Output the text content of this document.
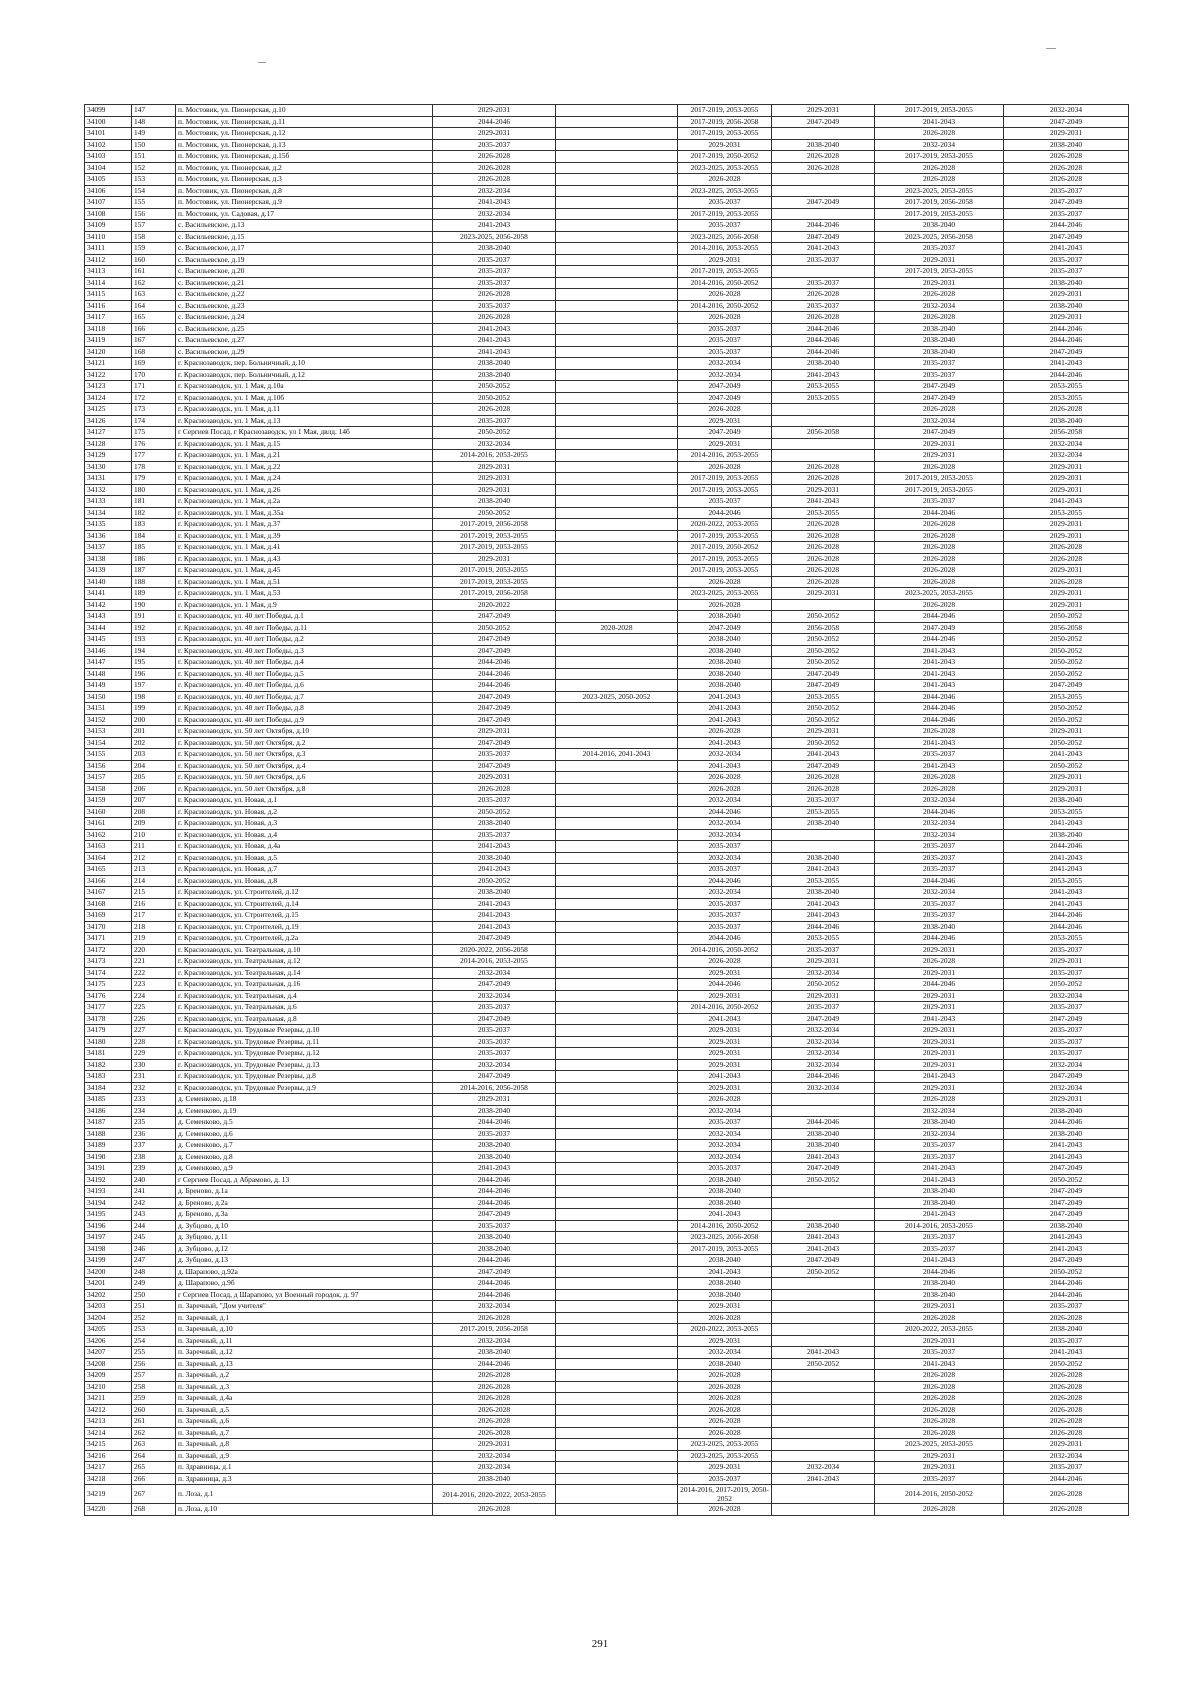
34099	147	п. Мостовик, ул. Пионерская, д.10	2029-2031		2017-2019, 2053-2055	2029-2031	2017-2019, 2053-2055	2032-2034
34100	148	п. Мостовик, ул. Пионерская, д.11	2044-2046		2017-2019, 2056-2058	2047-2049	2041-2043	2047-2049
34101	149	п. Мостовик, ул. Пионерская, д.12	2029-2031		2017-2019, 2053-2055		2026-2028	2029-2031
34102	150	п. Мостовик, ул. Пионерская, д.13	2035-2037		2029-2031	2038-2040	2032-2034	2038-2040
34103	151	п. Мостовик, ул. Пионерская, д.15б	2026-2028		2017-2019, 2050-2052	2026-2028	2017-2019, 2053-2055	2026-2028
34104	152	п. Мостовик, ул. Пионерская, д.2	2026-2028		2023-2025, 2053-2055	2026-2028	2026-2028	2026-2028
34105	153	п. Мостовик, ул. Пионерская, д.3	2026-2028		2026-2028		2026-2028	2026-2028
34106	154	п. Мостовик, ул. Пионерская, д.8	2032-2034		2023-2025, 2053-2055		2023-2025, 2053-2055	2035-2037
34107	155	п. Мостовик, ул. Пионерская, д.9	2041-2043		2035-2037	2047-2049	2017-2019, 2056-2058	2047-2049
34108	156	п. Мостовик, ул. Садовая, д.17	2032-2034		2017-2019, 2053-2055		2017-2019, 2053-2055	2035-2037
34109	157	с. Васильевское, д.13	2041-2043		2035-2037	2044-2046	2038-2040	2044-2046
34110	158	с. Васильевское, д.15	2023-2025, 2056-2058		2023-2025, 2056-2058	2047-2049	2023-2025, 2056-2058	2047-2049
34111	159	с. Васильевское, д.17	2038-2040		2014-2016, 2053-2055	2041-2043	2035-2037	2041-2043
34112	160	с. Васильевское, д.19	2035-2037		2029-2031	2035-2037	2029-2031	2035-2037
34113	161	с. Васильевское, д.20	2035-2037		2017-2019, 2053-2055		2017-2019, 2053-2055	2035-2037
34114	162	с. Васильевское, д.21	2035-2037		2014-2016, 2050-2052	2035-2037	2029-2031	2038-2040
34115	163	с. Васильевское, д.22	2026-2028		2026-2028	2026-2028	2026-2028	2029-2031
34116	164	с. Васильевское, д.23	2035-2037		2014-2016, 2050-2052	2035-2037	2032-2034	2038-2040
34117	165	с. Васильевское, д.24	2026-2028		2026-2028	2026-2028	2026-2028	2029-2031
34118	166	с. Васильевское, д.25	2041-2043		2035-2037	2044-2046	2038-2040	2044-2046
34119	167	с. Васильевское, д.27	2041-2043		2035-2037	2044-2046	2038-2040	2044-2046
34120	168	с. Васильевское, д.29	2041-2043		2035-2037	2044-2046	2038-2040	2047-2049
34121	169	г. Краснозаводск, пер. Больничный, д.10	2038-2040		2032-2034	2038-2040	2035-2037	2041-2043
34122	170	г. Краснозаводск, пер. Больничный, д.12	2038-2040		2032-2034	2041-2043	2035-2037	2044-2046
34123	171	г. Краснозаводск, ул. 1 Мая, д.10а	2050-2052		2047-2049	2053-2055	2047-2049	2053-2055
34124	172	г. Краснозаводск, ул. 1 Мая, д.10б	2050-2052		2047-2049	2053-2055	2047-2049	2053-2055
34125	173	г. Краснозаводск, ул. 1 Мая, д.11	2026-2028		2026-2028		2026-2028	2026-2028
34126	174	г. Краснозаводск, ул. 1 Мая, д.13	2035-2037		2029-2031		2032-2034	2038-2040
34127	175	г Сергиев Посад, г Краснозаводск, ул 1 Мая, двлд. 14б	2050-2052		2047-2049	2056-2058	2047-2049	2056-2058
34128	176	г. Краснозаводск, ул. 1 Мая, д.15	2032-2034		2029-2031		2029-2031	2032-2034
34129	177	г. Краснозаводск, ул. 1 Мая, д.21	2014-2016, 2053-2055		2014-2016, 2053-2055		2029-2031	2032-2034
34130	178	г. Краснозаводск, ул. 1 Мая, д.22	2029-2031		2026-2028	2026-2028	2026-2028	2029-2031
34131	179	г. Краснозаводск, ул. 1 Мая, д.24	2029-2031		2017-2019, 2053-2055	2026-2028	2017-2019, 2053-2055	2029-2031
34132	180	г. Краснозаводск, ул. 1 Мая, д.26	2029-2031		2017-2019, 2053-2055	2029-2031	2017-2019, 2053-2055	2029-2031
34133	181	г. Краснозаводск, ул. 1 Мая, д.2а	2038-2040		2035-2037	2041-2043	2035-2037	2041-2043
34134	182	г. Краснозаводск, ул. 1 Мая, д.35а	2050-2052		2044-2046	2053-2055	2044-2046	2053-2055
34135	183	г. Краснозаводск, ул. 1 Мая, д.37	2017-2019, 2056-2058		2020-2022, 2053-2055	2026-2028	2026-2028	2029-2031
34136	184	г. Краснозаводск, ул. 1 Мая, д.39	2017-2019, 2053-2055		2017-2019, 2053-2055	2026-2028	2026-2028	2029-2031
34137	185	г. Краснозаводск, ул. 1 Мая, д.41	2017-2019, 2053-2055		2017-2019, 2050-2052	2026-2028	2026-2028	2026-2028
34138	186	г. Краснозаводск, ул. 1 Мая, д.43	2029-2031		2017-2019, 2053-2055	2026-2028	2026-2028	2026-2028
34139	187	г. Краснозаводск, ул. 1 Мая, д.45	2017-2019, 2053-2055		2017-2019, 2053-2055	2026-2028	2026-2028	2029-2031
34140	188	г. Краснозаводск, ул. 1 Мая, д.51	2017-2019, 2053-2055		2026-2028	2026-2028	2026-2028	2026-2028
34141	189	г. Краснозаводск, ул. 1 Мая, д.53	2017-2019, 2056-2058		2023-2025, 2053-2055	2029-2031	2023-2025, 2053-2055	2029-2031
34142	190	г. Краснозаводск, ул. 1 Мая, д.9	2020-2022		2026-2028		2026-2028	2029-2031
34143	191	г. Краснозаводск, ул. 40 лет Победы, д.1	2047-2049		2038-2040	2050-2052	2044-2046	2050-2052
34144	192	г. Краснозаводск, ул. 40 лет Победы, д.11	2050-2052	2020-2028	2047-2049	2056-2058	2047-2049	2056-2058
34145	193	г. Краснозаводск, ул. 40 лет Победы, д.2	2047-2049		2038-2040	2050-2052	2044-2046	2050-2052
34146	194	г. Краснозаводск, ул. 40 лет Победы, д.3	2047-2049		2038-2040	2050-2052	2041-2043	2050-2052
34147	195	г. Краснозаводск, ул. 40 лет Победы, д.4	2044-2046		2038-2040	2050-2052	2041-2043	2050-2052
34148	196	г. Краснозаводск, ул. 40 лет Победы, д.5	2044-2046		2038-2040	2047-2049	2041-2043	2050-2052
34149	197	г. Краснозаводск, ул. 40 лет Победы, д.6	2044-2046		2038-2040	2047-2049	2041-2043	2047-2049
34150	198	г. Краснозаводск, ул. 40 лет Победы, д.7	2047-2049	2023-2025, 2050-2052	2041-2043	2053-2055	2044-2046	2053-2055
34151	199	г. Краснозаводск, ул. 40 лет Победы, д.8	2047-2049		2041-2043	2050-2052	2044-2046	2050-2052
34152	200	г. Краснозаводск, ул. 40 лет Победы, д.9	2047-2049		2041-2043	2050-2052	2044-2046	2050-2052
34153	201	г. Краснозаводск, ул. 50 лет Октября, д.10	2029-2031		2026-2028	2029-2031	2026-2028	2029-2031
34154	202	г. Краснозаводск, ул. 50 лет Октября, д.2	2047-2049		2041-2043	2050-2052	2041-2043	2050-2052
34155	203	г. Краснозаводск, ул. 50 лет Октября, д.3	2035-2037	2014-2016, 2041-2043	2032-2034	2041-2043	2035-2037	2041-2043
34156	204	г. Краснозаводск, ул. 50 лет Октября, д.4	2047-2049		2041-2043	2047-2049	2041-2043	2050-2052
34157	205	г. Краснозаводск, ул. 50 лет Октября, д.6	2029-2031		2026-2028	2026-2028	2026-2028	2029-2031
34158	206	г. Краснозаводск, ул. 50 лет Октября, д.8	2026-2028		2026-2028	2026-2028	2026-2028	2029-2031
34159	207	г. Краснозаводск, ул. Новая, д.1	2035-2037		2032-2034	2035-2037	2032-2034	2038-2040
34160	208	г. Краснозаводск, ул. Новая, д.2	2050-2052		2044-2046	2053-2055	2044-2046	2053-2055
34161	209	г. Краснозаводск, ул. Новая, д.3	2038-2040		2032-2034	2038-2040	2032-2034	2041-2043
34162	210	г. Краснозаводск, ул. Новая, д.4	2035-2037		2032-2034		2032-2034	2038-2040
34163	211	г. Краснозаводск, ул. Новая, д.4а	2041-2043		2035-2037		2035-2037	2044-2046
34164	212	г. Краснозаводск, ул. Новая, д.5	2038-2040		2032-2034	2038-2040	2035-2037	2041-2043
34165	213	г. Краснозаводск, ул. Новая, д.7	2041-2043		2035-2037	2041-2043	2035-2037	2041-2043
34166	214	г. Краснозаводск, ул. Новая, д.8	2050-2052		2044-2046	2053-2055	2044-2046	2053-2055
34167	215	г. Краснозаводск, ул. Строителей, д.12	2038-2040		2032-2034	2038-2040	2032-2034	2041-2043
34168	216	г. Краснозаводск, ул. Строителей, д.14	2041-2043		2035-2037	2041-2043	2035-2037	2041-2043
34169	217	г. Краснозаводск, ул. Строителей, д.15	2041-2043		2035-2037	2041-2043	2035-2037	2044-2046
34170	218	г. Краснозаводск, ул. Строителей, д.19	2041-2043		2035-2037	2044-2046	2038-2040	2044-2046
34171	219	г. Краснозаводск, ул. Строителей, д.2а	2047-2049		2044-2046	2053-2055	2044-2046	2053-2055
34172	220	г. Краснозаводск, ул. Театральная, д.10	2020-2022, 2056-2058		2014-2016, 2050-2052	2035-2037	2029-2031	2035-2037
34173	221	г. Краснозаводск, ул. Театральная, д.12	2014-2016, 2053-2055		2026-2028	2029-2031	2026-2028	2029-2031
34174	222	г. Краснозаводск, ул. Театральная, д.14	2032-2034		2029-2031	2032-2034	2029-2031	2035-2037
34175	223	г. Краснозаводск, ул. Театральная, д.16	2047-2049		2044-2046	2050-2052	2044-2046	2050-2052
34176	224	г. Краснозаводск, ул. Театральная, д.4	2032-2034		2029-2031	2029-2031	2029-2031	2032-2034
34177	225	г. Краснозаводск, ул. Театральная, д.6	2035-2037		2014-2016, 2050-2052	2035-2037	2029-2031	2035-2037
34178	226	г. Краснозаводск, ул. Театральная, д.8	2047-2049		2041-2043	2047-2049	2041-2043	2047-2049
34179	227	г. Краснозаводск, ул. Трудовые Резервы, д.10	2035-2037		2029-2031	2032-2034	2029-2031	2035-2037
34180	228	г. Краснозаводск, ул. Трудовые Резервы, д.11	2035-2037		2029-2031	2032-2034	2029-2031	2035-2037
34181	229	г. Краснозаводск, ул. Трудовые Резервы, д.12	2035-2037		2029-2031	2032-2034	2029-2031	2035-2037
34182	230	г. Краснозаводск, ул. Трудовые Резервы, д.13	2032-2034		2029-2031	2032-2034	2029-2031	2032-2034
34183	231	г. Краснозаводск, ул. Трудовые Резервы, д.8	2047-2049		2041-2043	2044-2046	2041-2043	2047-2049
34184	232	г. Краснозаводск, ул. Трудовые Резервы, д.9	2014-2016, 2056-2058		2029-2031	2032-2034	2029-2031	2032-2034
34185	233	д. Семенково, д.18	2029-2031		2026-2028		2026-2028	2029-2031
34186	234	д. Семенково, д.19	2038-2040		2032-2034		2032-2034	2038-2040
34187	235	д. Семенково, д.5	2044-2046		2035-2037	2044-2046	2038-2040	2044-2046
34188	236	д. Семенково, д.6	2035-2037		2032-2034	2038-2040	2032-2034	2038-2040
34189	237	д. Семенково, д.7	2038-2040		2032-2034	2038-2040	2035-2037	2041-2043
34190	238	д. Семенково, д.8	2038-2040		2032-2034	2041-2043	2035-2037	2041-2043
34191	239	д. Семенково, д.9	2041-2043		2035-2037	2047-2049	2041-2043	2047-2049
34192	240	г Сергиев Посад, д Абрамово, д. 13	2044-2046		2038-2040	2050-2052	2041-2043	2050-2052
34193	241	д. Бреново, д.1а	2044-2046		2038-2040		2038-2040	2047-2049
34194	242	д. Бреново, д.2а	2044-2046		2038-2040		2038-2040	2047-2049
34195	243	д. Бреново, д.3а	2047-2049		2041-2043		2041-2043	2047-2049
34196	244	д. Зубцово, д.10	2035-2037		2014-2016, 2050-2052	2038-2040	2014-2016, 2053-2055	2038-2040
34197	245	д. Зубцово, д.11	2038-2040		2023-2025, 2056-2058	2041-2043	2035-2037	2041-2043
34198	246	д. Зубцово, д.12	2038-2040		2017-2019, 2053-2055	2041-2043	2035-2037	2041-2043
34199	247	д. Зубцово, д.13	2044-2046		2038-2040	2047-2049	2041-2043	2047-2049
34200	248	д. Шарапово, д.92а	2047-2049		2041-2043	2050-2052	2044-2046	2050-2052
34201	249	д. Шарапово, д.9б	2044-2046		2038-2040		2038-2040	2044-2046
34202	250	г Сергиев Посад, д Шарапово, ул Военный городок, д. 97	2044-2046		2038-2040		2038-2040	2044-2046
34203	251	п. Заречный, "Дом учителя"	2032-2034		2029-2031		2029-2031	2035-2037
34204	252	п. Заречный, д.1	2026-2028		2026-2028		2026-2028	2026-2028
34205	253	п. Заречный, д.10	2017-2019, 2056-2058		2020-2022, 2053-2055		2020-2022, 2053-2055	2038-2040
34206	254	п. Заречный, д.11	2032-2034		2029-2031		2029-2031	2035-2037
34207	255	п. Заречный, д.12	2038-2040		2032-2034	2041-2043	2035-2037	2041-2043
34208	256	п. Заречный, д.13	2044-2046		2038-2040	2050-2052	2041-2043	2050-2052
34209	257	п. Заречный, д.2	2026-2028		2026-2028		2026-2028	2026-2028
34210	258	п. Заречный, д.3	2026-2028		2026-2028		2026-2028	2026-2028
34211	259	п. Заречный, д.4а	2026-2028		2026-2028		2026-2028	2026-2028
34212	260	п. Заречный, д.5	2026-2028		2026-2028		2026-2028	2026-2028
34213	261	п. Заречный, д.6	2026-2028		2026-2028		2026-2028	2026-2028
34214	262	п. Заречный, д.7	2026-2028		2026-2028		2026-2028	2026-2028
34215	263	п. Заречный, д.8	2029-2031		2023-2025, 2053-2055		2023-2025, 2053-2055	2029-2031
34216	264	п. Заречный, д.9	2032-2034		2023-2025, 2053-2055		2029-2031	2032-2034
34217	265	п. Здравница, д.1	2032-2034		2029-2031	2032-2034	2029-2031	2035-2037
34218	266	п. Здравница, д.3	2038-2040		2035-2037	2041-2043	2035-2037	2044-2046
34219	267	п. Лоза, д.1	2014-2016, 2020-2022, 2053-2055		2014-2016, 2017-2019, 2050-2052		2014-2016, 2050-2052	2026-2028
34220	268	п. Лоза, д.10	2026-2028		2026-2028		2026-2028	2026-2028
291
